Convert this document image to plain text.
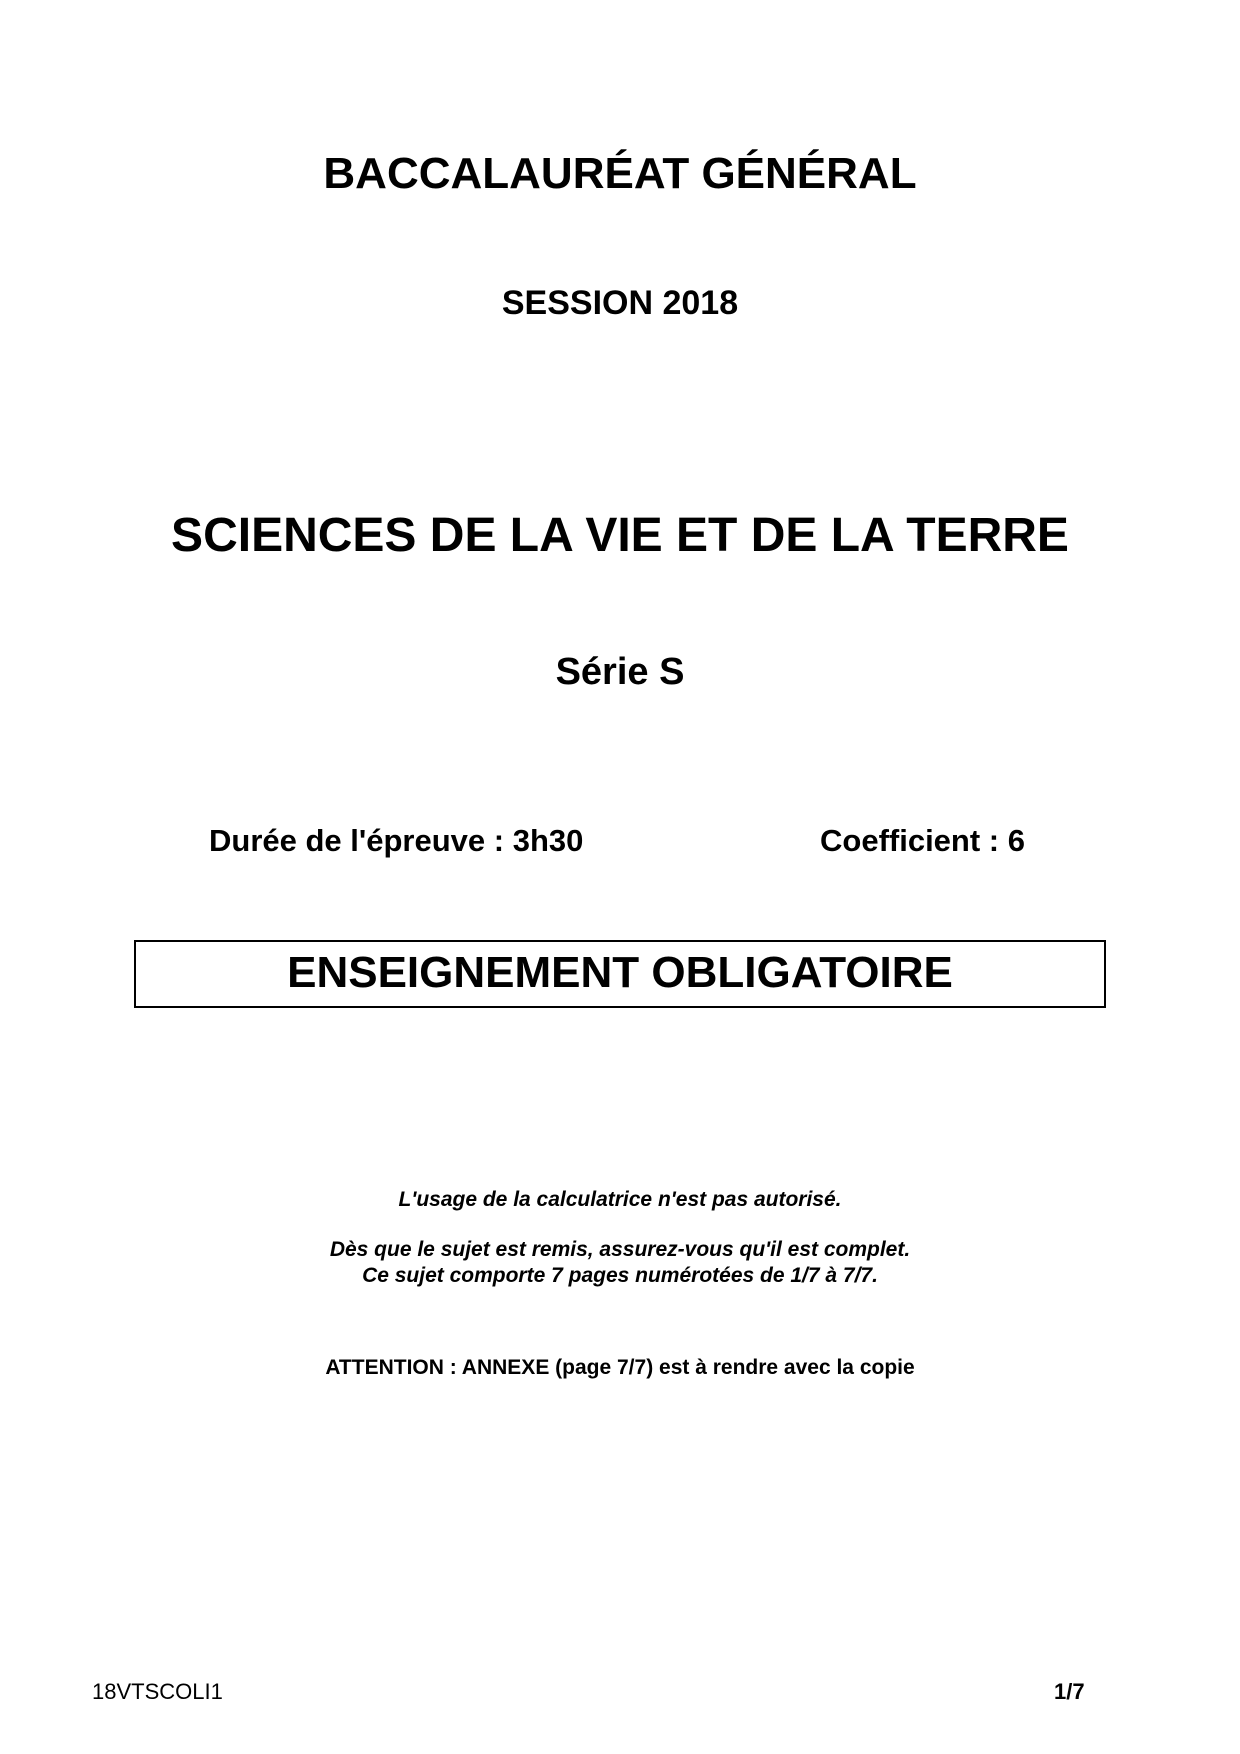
BACCALAURÉAT GÉNÉRAL
SESSION 2018
SCIENCES DE LA VIE ET DE LA TERRE
Série S
Durée de l'épreuve : 3h30	Coefficient : 6
ENSEIGNEMENT OBLIGATOIRE
L'usage de la calculatrice n'est pas autorisé.
Dès que le sujet est remis, assurez-vous qu'il est complet.
Ce sujet comporte 7 pages numérotées de 1/7 à 7/7.
ATTENTION : ANNEXE (page 7/7) est à rendre avec la copie
18VTSCOLI1	1/7
